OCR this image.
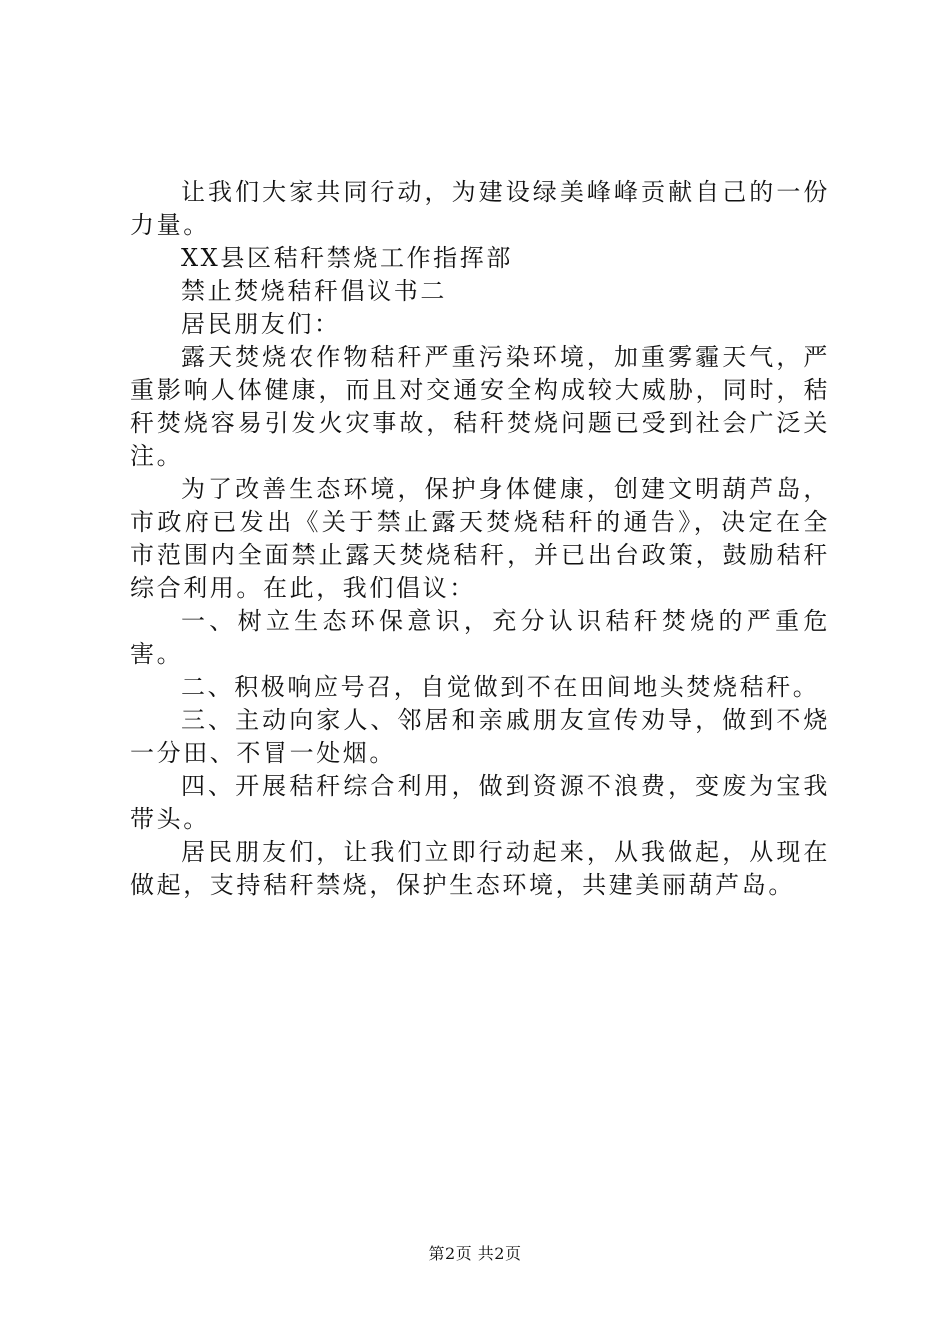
让我们大家共同行动，为建设绿美峰峰贡献自己的一份力量。

XX县区秸秆禁烧工作指挥部

禁止焚烧秸秆倡议书二

居民朋友们：

露天焚烧农作物秸秆严重污染环境，加重雾霾天气，严重影响人体健康，而且对交通安全构成较大威胁，同时，秸秆焚烧容易引发火灾事故，秸秆焚烧问题已受到社会广泛关注。

为了改善生态环境，保护身体健康，创建文明葫芦岛，市政府已发出《关于禁止露天焚烧秸秆的通告》，决定在全市范围内全面禁止露天焚烧秸秆，并已出台政策，鼓励秸秆综合利用。在此，我们倡议：

一、树立生态环保意识，充分认识秸秆焚烧的严重危害。

二、积极响应号召，自觉做到不在田间地头焚烧秸秆。

三、主动向家人、邻居和亲戚朋友宣传劝导，做到不烧一分田、不冒一处烟。

四、开展秸秆综合利用，做到资源不浪费，变废为宝我带头。

居民朋友们，让我们立即行动起来，从我做起，从现在做起，支持秸秆禁烧，保护生态环境，共建美丽葫芦岛。

第2页 共2页
